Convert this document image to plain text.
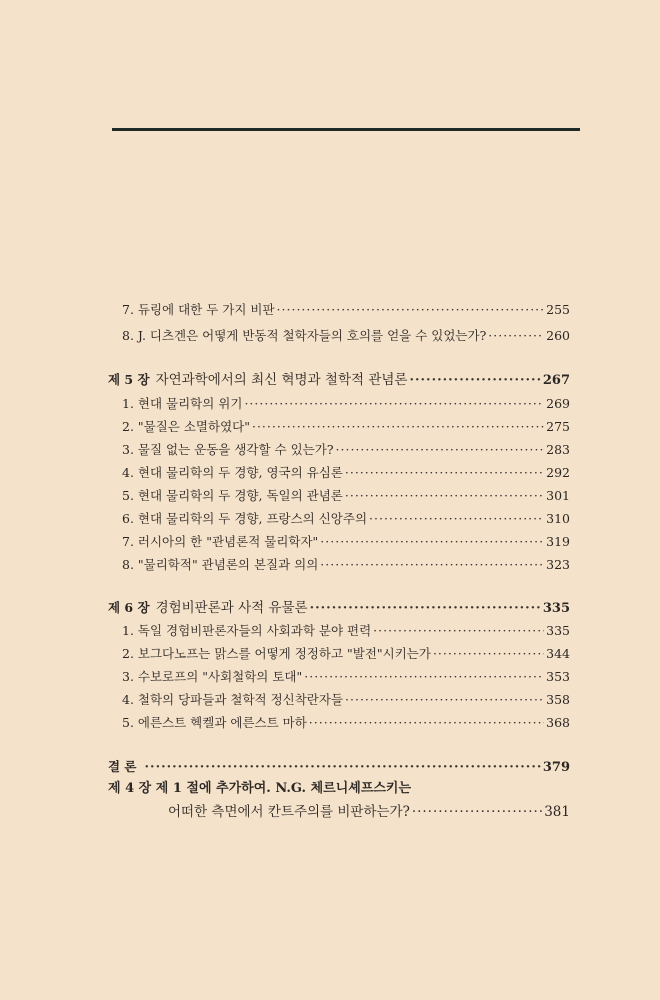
7. 듀링에 대한 두 가지 비판 ·····	255
8. J. 디츠겐은 어떻게 반동적 철학자들의 호의를 얻을 수 있었는가? ·····	260
제 5 장 자연과학에서의 최신 혁명과 철학적 관념론 ·····	267
1. 현대 물리학의 위기 ·····	269
2. "물질은 소멸하였다" ·····	275
3. 물질 없는 운동을 생각할 수 있는가? ·····	283
4. 현대 물리학의 두 경향, 영국의 유심론 ·····	292
5. 현대 물리학의 두 경향, 독일의 관념론 ·····	301
6. 현대 물리학의 두 경향, 프랑스의 신앙주의 ·····	310
7. 러시아의 한 "관념론적 물리학자" ·····	319
8. "물리학적" 관념론의 본질과 의의 ·····	323
제 6 장 경험비판론과 사적 유물론 ·····	335
1. 독일 경험비판론자들의 사회과학 분야 편력 ·····	335
2. 보그다노프는 맑스를 어떻게 정정하고 "발전"시키는가 ·····	344
3. 수보로프의 "사회철학의 토대" ·····	353
4. 철학의 당파들과 철학적 정신착란자들 ·····	358
5. 에른스트 헥켈과 에른스트 마하 ·····	368
결 론 ·····	379
제 4 장 제 1 절에 추가하여. N.G. 체르니셰프스키는
어떠한 측면에서 칸트주의를 비판하는가? ·····	381
